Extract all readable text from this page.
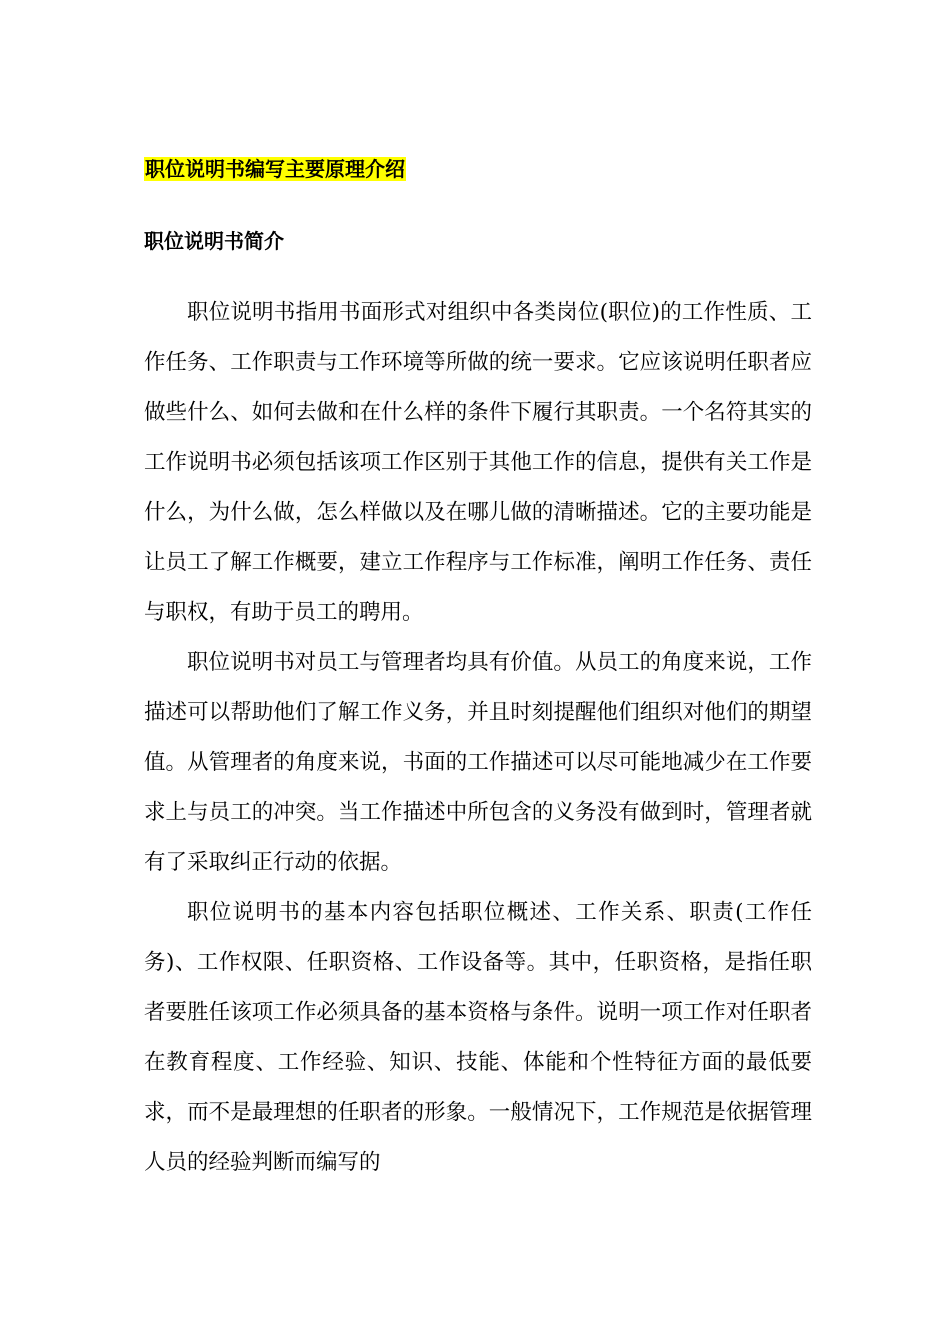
职位说明书编写主要原理介绍
职位说明书简介

职位说明书指用书面形式对组织中各类岗位(职位)的工作性质、工作任务、工作职责与工作环境等所做的统一要求。它应该说明任职者应做些什么、如何去做和在什么样的条件下履行其职责。一个名符其实的工作说明书必须包括该项工作区别于其他工作的信息，提供有关工作是什么，为什么做，怎么样做以及在哪儿做的清晰描述。它的主要功能是让员工了解工作概要，建立工作程序与工作标准，阐明工作任务、责任与职权，有助于员工的聘用。

职位说明书对员工与管理者均具有价值。从员工的角度来说，工作描述可以帮助他们了解工作义务，并且时刻提醒他们组织对他们的期望值。从管理者的角度来说，书面的工作描述可以尽可能地减少在工作要求上与员工的冲突。当工作描述中所包含的义务没有做到时，管理者就有了采取纠正行动的依据。

职位说明书的基本内容包括职位概述、工作关系、职责(工作任务)、工作权限、任职资格、工作设备等。其中，任职资格，是指任职者要胜任该项工作必须具备的基本资格与条件。说明一项工作对任职者在教育程度、工作经验、知识、技能、体能和个性特征方面的最低要求，而不是最理想的任职者的形象。一般情况下，工作规范是依据管理人员的经验判断而编写的
